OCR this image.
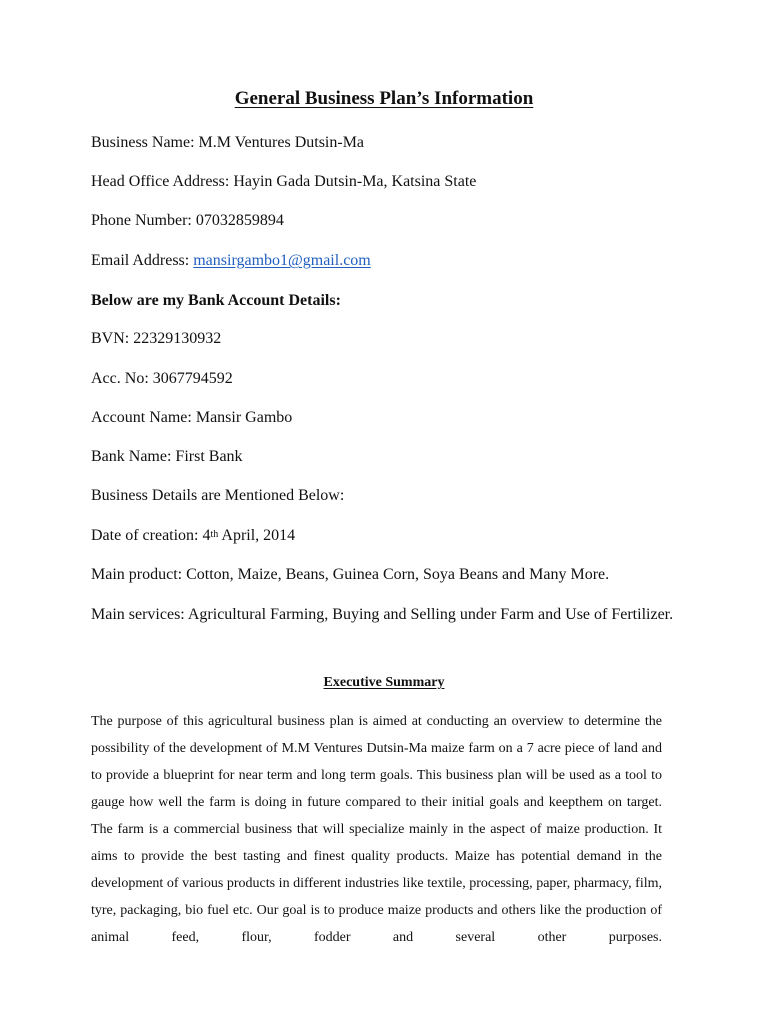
General Business Plan’s Information

Business Name: M.M Ventures Dutsin-Ma

Head Office Address: Hayin Gada Dutsin-Ma, Katsina State

Phone Number: 07032859894

Email Address: mansirgambo1@gmail.com

Below are my Bank Account Details:

BVN: 22329130932

Acc. No: 3067794592

Account Name: Mansir Gambo

Bank Name: First Bank

Business Details are Mentioned Below:

Date of creation: 4th April, 2014

Main product: Cotton, Maize, Beans, Guinea Corn, Soya Beans and Many More.

Main services: Agricultural Farming, Buying and Selling under Farm and Use of Fertilizer.

Executive Summary

The purpose of this agricultural business plan is aimed at conducting an overview to determine the possibility of the development of M.M Ventures Dutsin-Ma maize farm on a 7 acre piece of land and to provide a blueprint for near term and long term goals. This business plan will be used as a tool to gauge how well the farm is doing in future compared to their initial goals and keepthem on target. The farm is a commercial business that will specialize mainly in the aspect of maize production. It aims to provide the best tasting and finest quality products. Maize has potential demand in the development of various products in different industries like textile, processing, paper, pharmacy, film, tyre, packaging, bio fuel etc. Our goal is to produce maize products and others like the production of animal feed, flour, fodder and several other purposes.
